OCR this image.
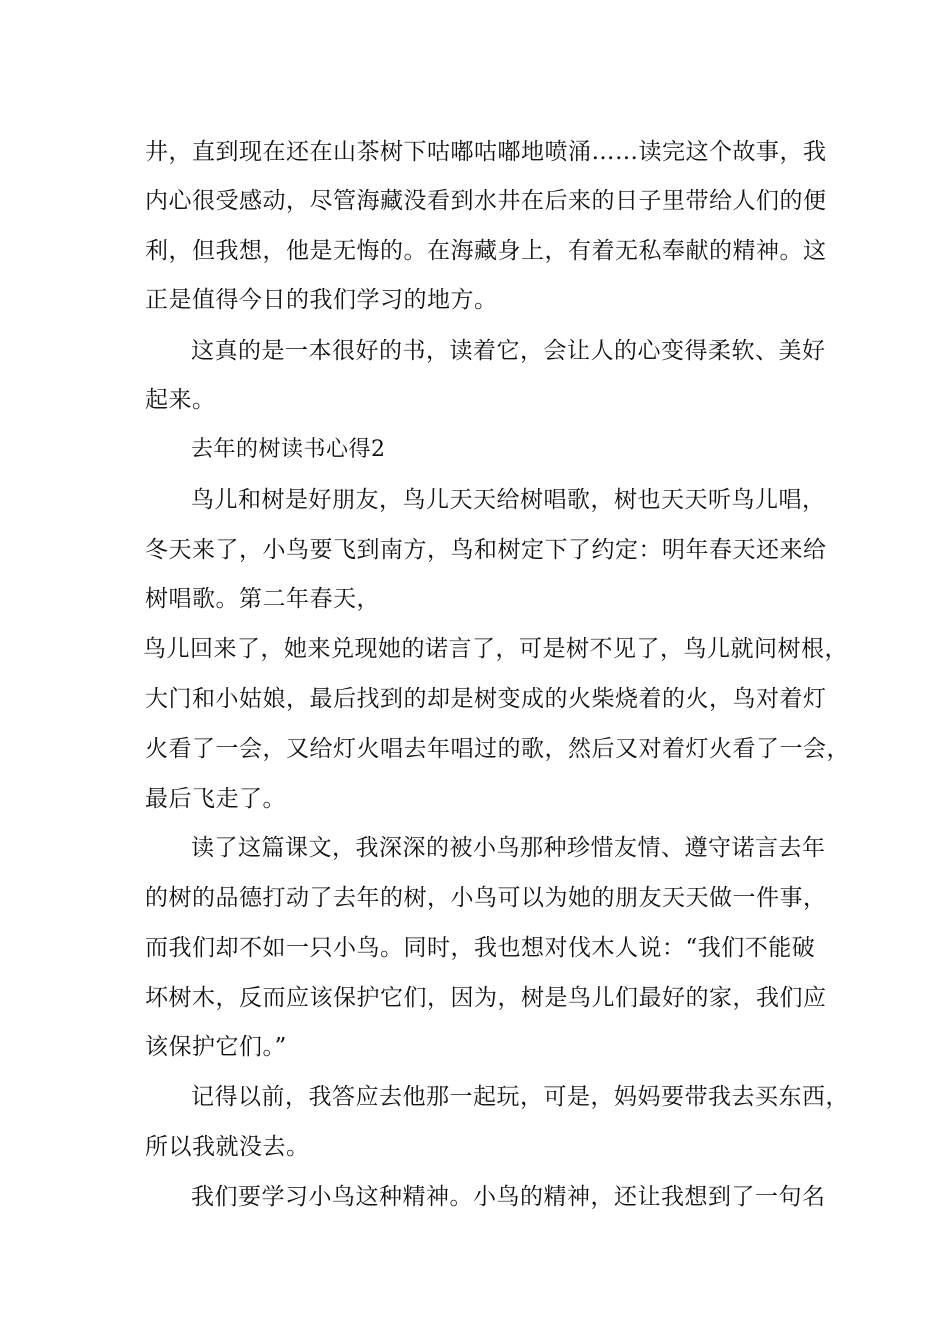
井，直到现在还在山茶树下咕嘟咕嘟地喷涌……读完这个故事，我
内心很受感动，尽管海藏没看到水井在后来的日子里带给人们的便
利，但我想，他是无悔的。在海藏身上，有着无私奉献的精神。这
正是值得今日的我们学习的地方。
这真的是一本很好的书，读着它，会让人的心变得柔软、美好
起来。
去年的树读书心得2
鸟儿和树是好朋友，鸟儿天天给树唱歌，树也天天听鸟儿唱，
冬天来了，小鸟要飞到南方，鸟和树定下了约定：明年春天还来给
树唱歌。第二年春天，
鸟儿回来了，她来兑现她的诺言了，可是树不见了，鸟儿就问树根，
大门和小姑娘，最后找到的却是树变成的火柴烧着的火，鸟对着灯
火看了一会，又给灯火唱去年唱过的歌，然后又对着灯火看了一会，
最后飞走了。
读了这篇课文，我深深的被小鸟那种珍惜友情、遵守诺言去年
的树的品德打动了去年的树，小鸟可以为她的朋友天天做一件事，
而我们却不如一只小鸟。同时，我也想对伐木人说：“我们不能破
坏树木，反而应该保护它们，因为，树是鸟儿们最好的家，我们应
该保护它们。”
记得以前，我答应去他那一起玩，可是，妈妈要带我去买东西，
所以我就没去。
我们要学习小鸟这种精神。小鸟的精神，还让我想到了一句名
